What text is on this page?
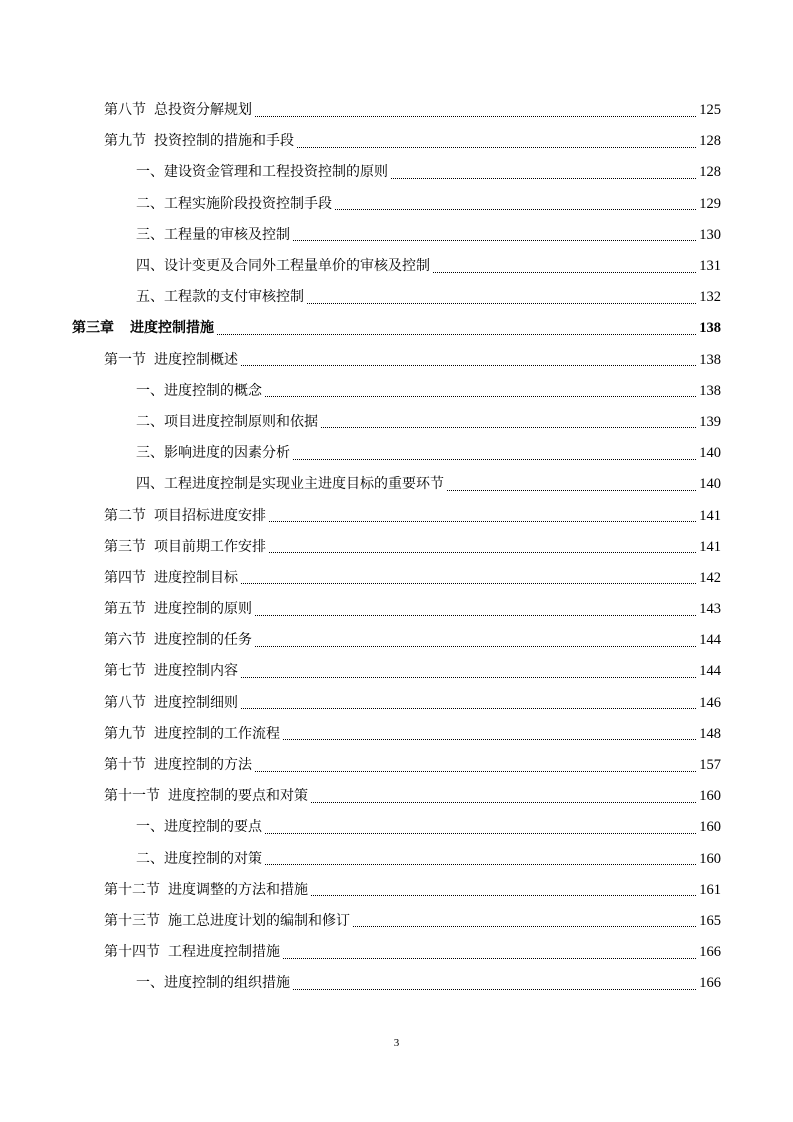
第八节 总投资分解规划	125
第九节 投资控制的措施和手段	128
一、建设资金管理和工程投资控制的原则	128
二、工程实施阶段投资控制手段	129
三、工程量的审核及控制	130
四、设计变更及合同外工程量单价的审核及控制	131
五、工程款的支付审核控制	132
第三章 进度控制措施	138
第一节 进度控制概述	138
一、进度控制的概念	138
二、项目进度控制原则和依据	139
三、影响进度的因素分析	140
四、工程进度控制是实现业主进度目标的重要环节	140
第二节 项目招标进度安排	141
第三节 项目前期工作安排	141
第四节 进度控制目标	142
第五节 进度控制的原则	143
第六节 进度控制的任务	144
第七节 进度控制内容	144
第八节 进度控制细则	146
第九节 进度控制的工作流程	148
第十节 进度控制的方法	157
第十一节 进度控制的要点和对策	160
一、进度控制的要点	160
二、进度控制的对策	160
第十二节 进度调整的方法和措施	161
第十三节 施工总进度计划的编制和修订	165
第十四节 工程进度控制措施	166
一、进度控制的组织措施	166
3
